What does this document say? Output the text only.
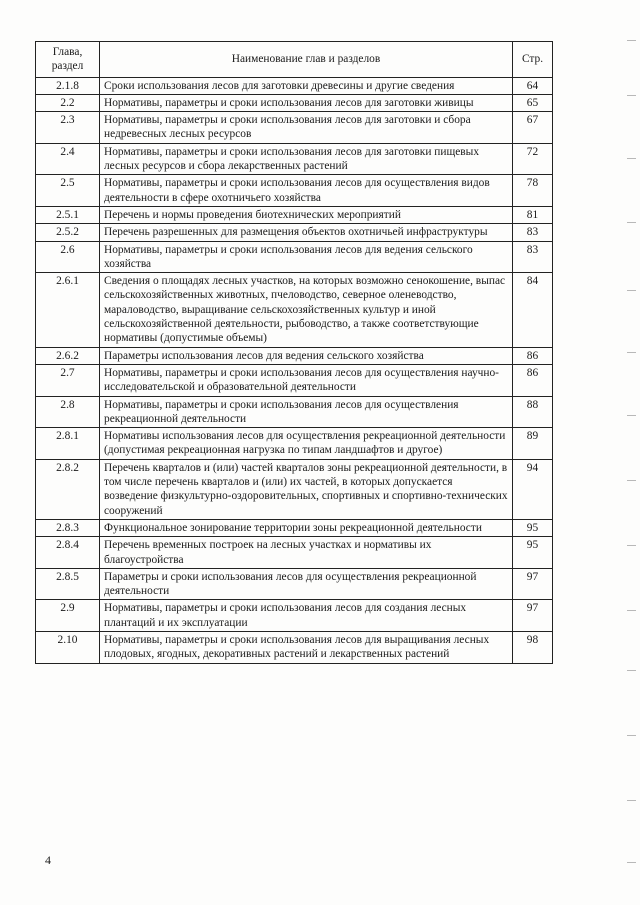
Глава, раздел	Наименование глав и разделов	Стр.
2.1.8	Сроки использования лесов для заготовки древесины и другие сведения	64
2.2	Нормативы, параметры и сроки использования лесов для заготовки живицы	65
2.3	Нормативы, параметры и сроки использования лесов для заготовки и сбора недревесных лесных ресурсов	67
2.4	Нормативы, параметры и сроки использования лесов для заготовки пищевых лесных ресурсов и сбора лекарственных растений	72
2.5	Нормативы, параметры и сроки использования лесов для осуществления видов деятельности в сфере охотничьего хозяйства	78
2.5.1	Перечень и нормы проведения биотехнических мероприятий	81
2.5.2	Перечень разрешенных для размещения объектов охотничьей инфраструктуры	83
2.6	Нормативы, параметры и сроки использования лесов для ведения сельского хозяйства	83
2.6.1	Сведения о площадях лесных участков, на которых возможно сенокошение, выпас сельскохозяйственных животных, пчеловодство, северное оленеводство, мараловодство, выращивание сельскохозяйственных культур и иной сельскохозяйственной деятельности, рыбоводство, а также соответствующие нормативы (допустимые объемы)	84
2.6.2	Параметры использования лесов для ведения сельского хозяйства	86
2.7	Нормативы, параметры и сроки использования лесов для осуществления научно-исследовательской и образовательной деятельности	86
2.8	Нормативы, параметры и сроки использования лесов для осуществления рекреационной деятельности	88
2.8.1	Нормативы использования лесов для осуществления рекреационной деятельности (допустимая рекреационная нагрузка по типам ландшафтов и другое)	89
2.8.2	Перечень кварталов и (или) частей кварталов зоны рекреационной деятельности, в том числе перечень кварталов и (или) их частей, в которых допускается возведение физкультурно-оздоровительных, спортивных и спортивно-технических сооружений	94
2.8.3	Функциональное зонирование территории зоны рекреационной деятельности	95
2.8.4	Перечень временных построек на лесных участках и нормативы их благоустройства	95
2.8.5	Параметры и сроки использования лесов для осуществления рекреационной деятельности	97
2.9	Нормативы, параметры и сроки использования лесов для создания лесных плантаций и их эксплуатации	97
2.10	Нормативы, параметры и сроки использования лесов для выращивания лесных плодовых, ягодных, декоративных растений и лекарственных растений	98
4
